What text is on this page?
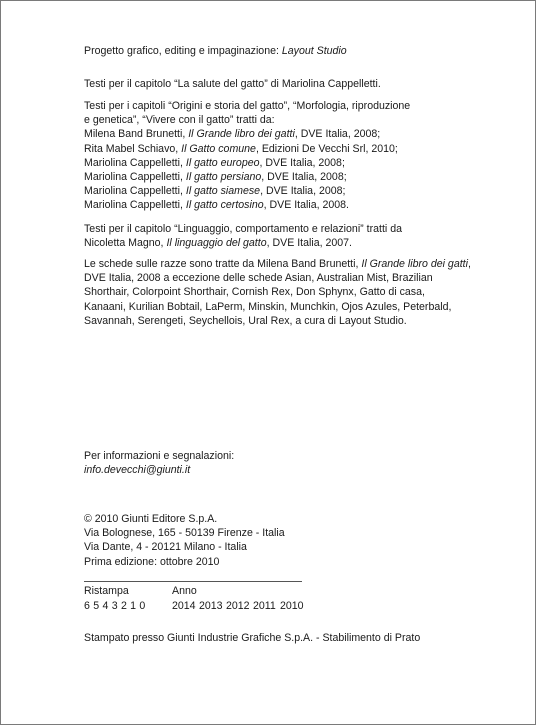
Progetto grafico, editing e impaginazione: Layout Studio
Testi per il capitolo “La salute del gatto” di Mariolina Cappelletti.
Testi per i capitoli “Origini e storia del gatto”, “Morfologia, riproduzione
e genetica”, “Vivere con il gatto” tratti da:
Milena Band Brunetti, Il Grande libro dei gatti, DVE Italia, 2008;
Rita Mabel Schiavo, Il Gatto comune, Edizioni De Vecchi Srl, 2010;
Mariolina Cappelletti, Il gatto europeo, DVE Italia, 2008;
Mariolina Cappelletti, Il gatto persiano, DVE Italia, 2008;
Mariolina Cappelletti, Il gatto siamese, DVE Italia, 2008;
Mariolina Cappelletti, Il gatto certosino, DVE Italia, 2008.
Testi per il capitolo “Linguaggio, comportamento e relazioni” tratti da
Nicoletta Magno, Il linguaggio del gatto, DVE Italia, 2007.
Le schede sulle razze sono tratte da Milena Band Brunetti, Il Grande libro dei gatti,
DVE Italia, 2008 a eccezione delle schede Asian, Australian Mist, Brazilian
Shorthair, Colorpoint Shorthair, Cornish Rex, Don Sphynx, Gatto di casa,
Kanaani, Kurilian Bobtail, LaPerm, Minskin, Munchkin, Ojos Azules, Peterbald,
Savannah, Serengeti, Seychellois, Ural Rex, a cura di Layout Studio.
Per informazioni e segnalazioni:
info.devecchi@giunti.it
© 2010 Giunti Editore S.p.A.
Via Bolognese, 165 - 50139 Firenze - Italia
Via Dante, 4 - 20121 Milano - Italia
Prima edizione: ottobre 2010
Ristampa	Anno
6 5 4 3 2 1 0 2014 2013 2012 2011 2010
Stampato presso Giunti Industrie Grafiche S.p.A. - Stabilimento di Prato
